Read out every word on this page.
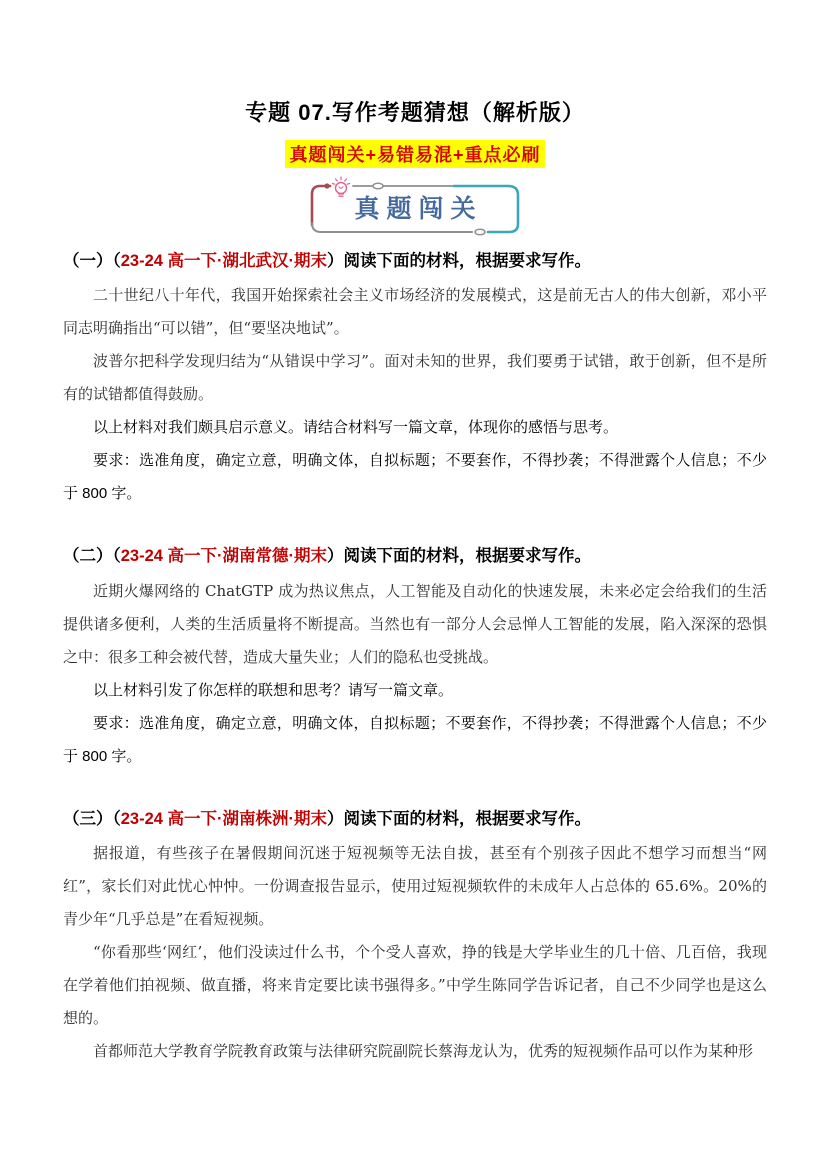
专题 07.写作考题猜想（解析版）
真题闯关+易错易混+重点必刷
真题闯关
（一）（23-24 高一下·湖北武汉·期末）阅读下面的材料，根据要求写作。

二十世纪八十年代，我国开始探索社会主义市场经济的发展模式，这是前无古人的伟大创新，邓小平同志明确指出“可以错”，但“要坚决地试”。

波普尔把科学发现归结为“从错误中学习”。面对未知的世界，我们要勇于试错，敢于创新，但不是所有的试错都值得鼓励。

以上材料对我们颇具启示意义。请结合材料写一篇文章，体现你的感悟与思考。

要求：选准角度，确定立意，明确文体，自拟标题；不要套作，不得抄袭；不得泄露个人信息；不少于 800 字。

（二）（23-24 高一下·湖南常德·期末）阅读下面的材料，根据要求写作。

近期火爆网络的 ChatGTP 成为热议焦点，人工智能及自动化的快速发展，未来必定会给我们的生活提供诸多便利，人类的生活质量将不断提高。当然也有一部分人会忌惮人工智能的发展，陷入深深的恐惧之中：很多工种会被代替，造成大量失业；人们的隐私也受挑战。

以上材料引发了你怎样的联想和思考？请写一篇文章。

要求：选准角度，确定立意，明确文体，自拟标题；不要套作，不得抄袭；不得泄露个人信息；不少于 800 字。

（三）（23-24 高一下·湖南株洲·期末）阅读下面的材料，根据要求写作。

据报道，有些孩子在暑假期间沉迷于短视频等无法自拔，甚至有个别孩子因此不想学习而想当“网红”，家长们对此忧心忡忡。一份调查报告显示，使用过短视频软件的未成年人占总体的 65.6%。20%的青少年“几乎总是”在看短视频。

“你看那些‘网红’，他们没读过什么书，个个受人喜欢，挣的钱是大学毕业生的几十倍、几百倍，我现在学着他们拍视频、做直播，将来肯定要比读书强得多。”中学生陈同学告诉记者，自己不少同学也是这么想的。

首都师范大学教育学院教育政策与法律研究院副院长蔡海龙认为，优秀的短视频作品可以作为某种形
